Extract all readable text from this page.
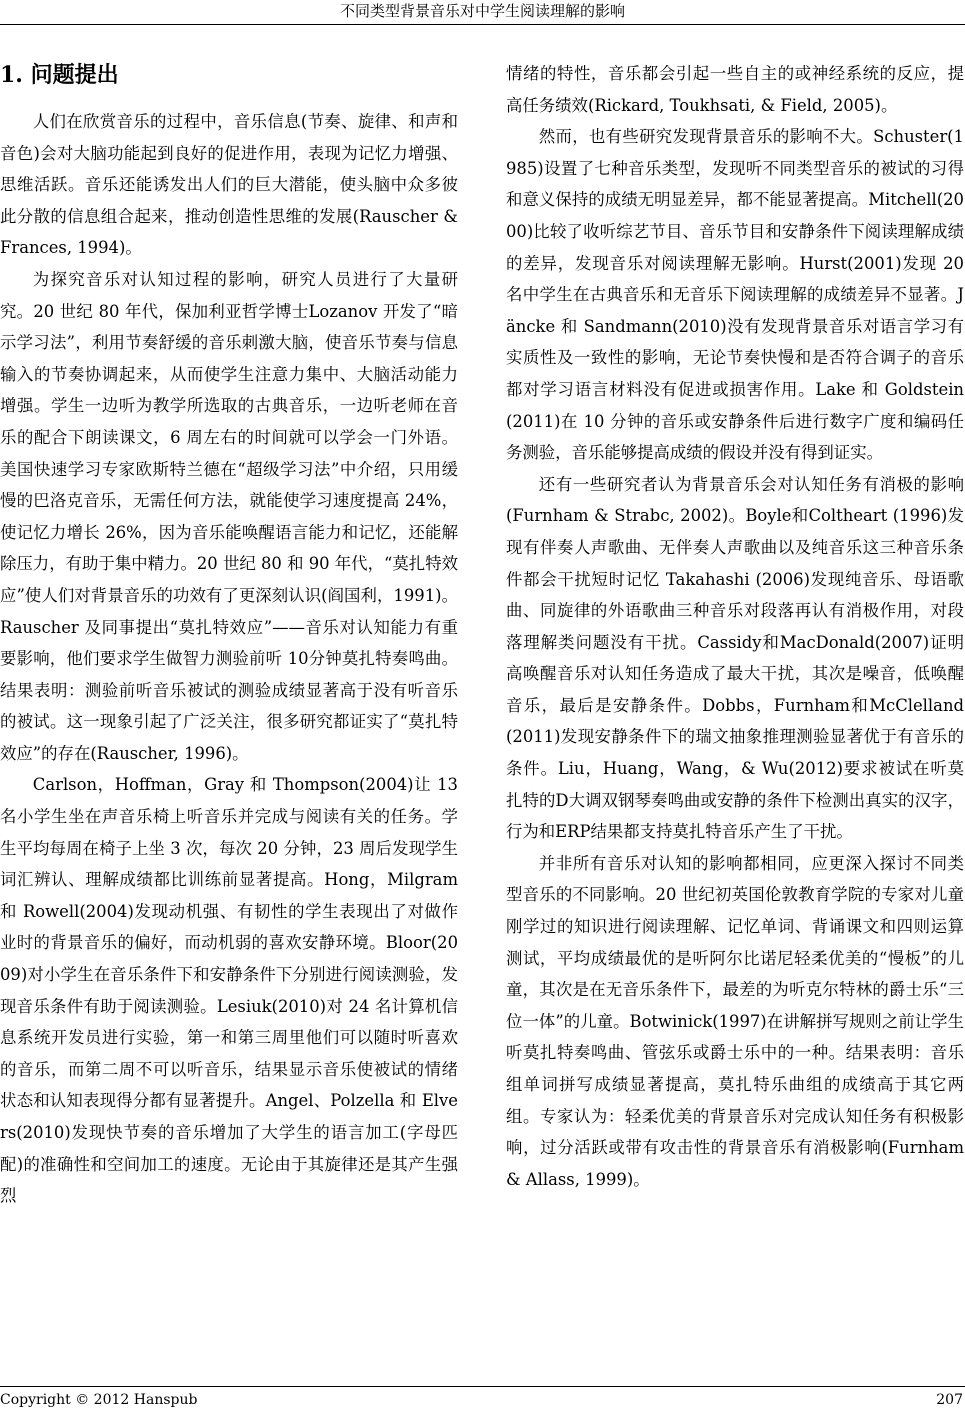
不同类型背景音乐对中学生阅读理解的影响
1. 问题提出

人们在欣赏音乐的过程中，音乐信息(节奏、旋律、和声和音色)会对大脑功能起到良好的促进作用，表现为记忆力增强、思维活跃。音乐还能诱发出人们的巨大潜能，使头脑中众多彼此分散的信息组合起来，推动创造性思维的发展(Rauscher & Frances, 1994)。

为探究音乐对认知过程的影响，研究人员进行了大量研究。20 世纪 80 年代，保加利亚哲学博士Lozanov 开发了“暗示学习法”，利用节奏舒缓的音乐刺激大脑，使音乐节奏与信息输入的节奏协调起来，从而使学生注意力集中、大脑活动能力增强。学生一边听为教学所选取的古典音乐，一边听老师在音乐的配合下朗读课文，6 周左右的时间就可以学会一门外语。美国快速学习专家欧斯特兰德在“超级学习法”中介绍，只用缓慢的巴洛克音乐，无需任何方法，就能使学习速度提高 24%，使记忆力增长 26%，因为音乐能唤醒语言能力和记忆，还能解除压力，有助于集中精力。20 世纪 80 和 90 年代，“莫扎特效应”使人们对背景音乐的功效有了更深刻认识(阎国利，1991)。Rauscher 及同事提出“莫扎特效应”——音乐对认知能力有重要影响，他们要求学生做智力测验前听 10分钟莫扎特奏鸣曲。结果表明：测验前听音乐被试的测验成绩显著高于没有听音乐的被试。这一现象引起了广泛关注，很多研究都证实了“莫扎特效应”的存在(Rauscher, 1996)。

Carlson，Hoffman，Gray 和 Thompson(2004)让 13名小学生坐在声音乐椅上听音乐并完成与阅读有关的任务。学生平均每周在椅子上坐 3 次，每次 20 分钟，23 周后发现学生词汇辨认、理解成绩都比训练前显著提高。Hong，Milgram 和 Rowell(2004)发现动机强、有韧性的学生表现出了对做作业时的背景音乐的偏好，而动机弱的喜欢安静环境。Bloor(2009)对小学生在音乐条件下和安静条件下分别进行阅读测验，发现音乐条件有助于阅读测验。Lesiuk(2010)对 24 名计算机信息系统开发员进行实验，第一和第三周里他们可以随时听喜欢的音乐，而第二周不可以听音乐，结果显示音乐使被试的情绪状态和认知表现得分都有显著提升。Angel、Polzella 和 Elvers(2010)发现快节奏的音乐增加了大学生的语言加工(字母匹配)的准确性和空间加工的速度。无论由于其旋律还是其产生强烈

情绪的特性，音乐都会引起一些自主的或神经系统的反应，提高任务绩效(Rickard, Toukhsati, & Field, 2005)。

然而，也有些研究发现背景音乐的影响不大。Schuster(1985)设置了七种音乐类型，发现听不同类型音乐的被试的习得和意义保持的成绩无明显差异，都不能显著提高。Mitchell(2000)比较了收听综艺节目、音乐节目和安静条件下阅读理解成绩的差异，发现音乐对阅读理解无影响。Hurst(2001)发现 20 名中学生在古典音乐和无音乐下阅读理解的成绩差异不显著。Jäncke 和 Sandmann(2010)没有发现背景音乐对语言学习有实质性及一致性的影响，无论节奏快慢和是否符合调子的音乐都对学习语言材料没有促进或损害作用。Lake 和 Goldstein(2011)在 10 分钟的音乐或安静条件后进行数字广度和编码任务测验，音乐能够提高成绩的假设并没有得到证实。

还有一些研究者认为背景音乐会对认知任务有消极的影响(Furnham & Strabc, 2002)。Boyle和Coltheart (1996)发现有伴奏人声歌曲、无伴奏人声歌曲以及纯音乐这三种音乐条件都会干扰短时记忆 Takahashi (2006)发现纯音乐、母语歌曲、同旋律的外语歌曲三种音乐对段落再认有消极作用，对段落理解类问题没有干扰。Cassidy和MacDonald(2007)证明高唤醒音乐对认知任务造成了最大干扰，其次是噪音，低唤醒音乐，最后是安静条件。Dobbs，Furnham和McClelland (2011)发现安静条件下的瑞文抽象推理测验显著优于有音乐的条件。Liu，Huang，Wang，& Wu(2012)要求被试在听莫扎特的D大调双钢琴奏鸣曲或安静的条件下检测出真实的汉字，行为和ERP结果都支持莫扎特音乐产生了干扰。

并非所有音乐对认知的影响都相同，应更深入探讨不同类型音乐的不同影响。20 世纪初英国伦敦教育学院的专家对儿童刚学过的知识进行阅读理解、记忆单词、背诵课文和四则运算测试，平均成绩最优的是听阿尔比诺尼轻柔优美的“慢板”的儿童，其次是在无音乐条件下，最差的为听克尔特林的爵士乐“三位一体”的儿童。Botwinick(1997)在讲解拼写规则之前让学生听莫扎特奏鸣曲、管弦乐或爵士乐中的一种。结果表明：音乐组单词拼写成绩显著提高，莫扎特乐曲组的成绩高于其它两组。专家认为：轻柔优美的背景音乐对完成认知任务有积极影响，过分活跃或带有攻击性的背景音乐有消极影响(Furnham & Allass, 1999)。

Copyright © 2012 Hanspub	207
